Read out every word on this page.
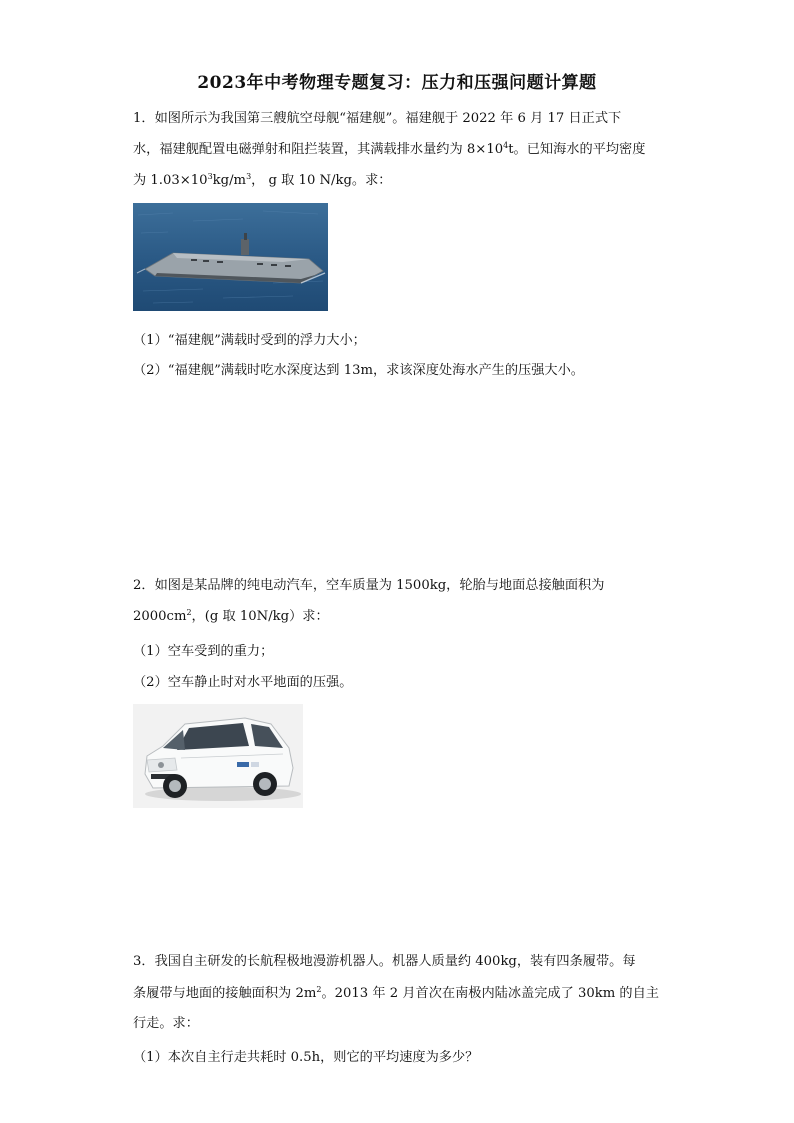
2023年中考物理专题复习：压力和压强问题计算题
1．如图所示为我国第三艘航空母舰“福建舰”。福建舰于 2022 年 6 月 17 日正式下
水，福建舰配置电磁弹射和阻拦装置，其满载排水量约为 $8\times 10^4t$。已知海水的平均密度
为 $1.03\times 10^3kg/m^3$， g 取 10 N/kg。求：
（1）“福建舰”满载时受到的浮力大小；
（2）“福建舰”满载时吃水深度达到 13m，求该深度处海水产生的压强大小。
2．如图是某品牌的纯电动汽车，空车质量为 1500kg，轮胎与地面总接触面积为
$2000cm^2$，(g 取 10N/kg）求：
（1）空车受到的重力；
（2）空车静止时对水平地面的压强。
3．我国自主研发的长航程极地漫游机器人。机器人质量约 400kg，装有四条履带。每
条履带与地面的接触面积为 $2m^2$。2013 年 2 月首次在南极内陆冰盖完成了 30km 的自主
行走。求：
（1）本次自主行走共耗时 0.5h，则它的平均速度为多少？
